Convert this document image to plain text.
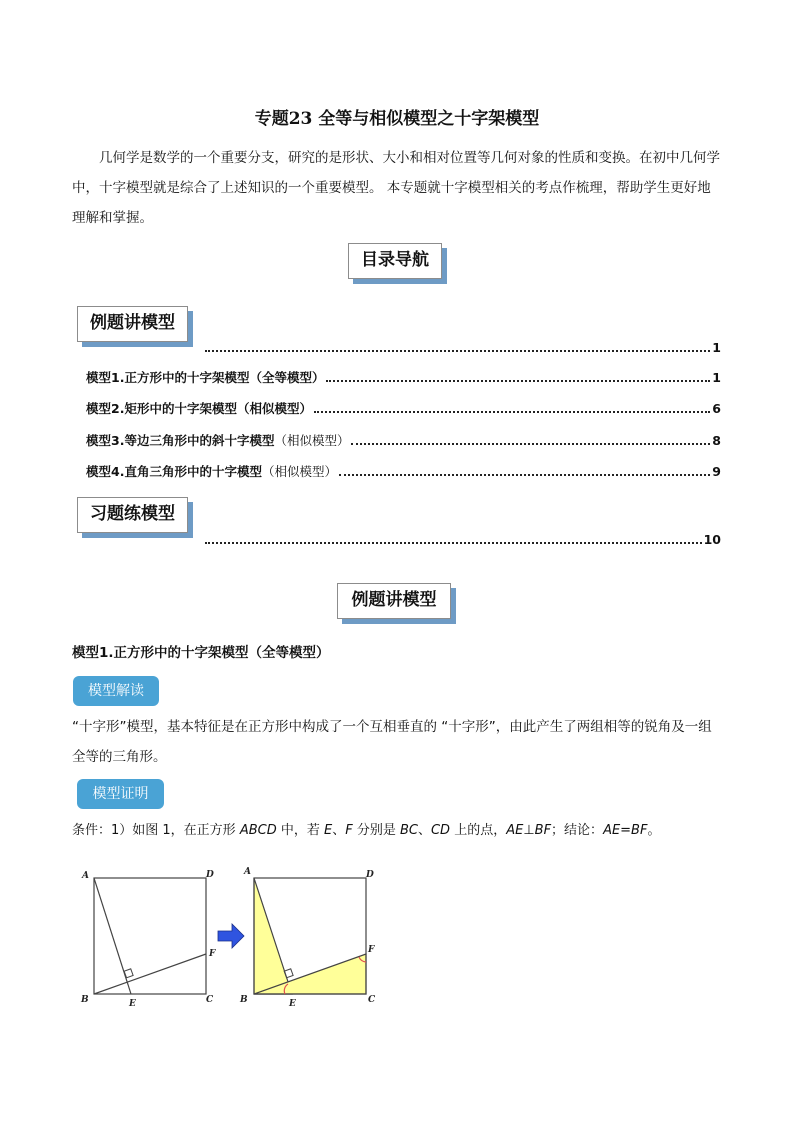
专题23 全等与相似模型之十字架模型

几何学是数学的一个重要分支，研究的是形状、大小和相对位置等几何对象的性质和变换。在初中几何学中，十字模型就是综合了上述知识的一个重要模型。 本专题就十字模型相关的考点作梳理，帮助学生更好地理解和掌握。

目录导航
例题讲模型
1
模型1.正方形中的十字架模型（全等模型）	1
模型2.矩形中的十字架模型（相似模型）	6
模型3.等边三角形中的斜十字模型 （相似模型）	8
模型4.直角三角形中的十字模型 （相似模型）	9
习题练模型
10
例题讲模型
模型1.正方形中的十字架模型（全等模型）
模型解读

“十字形”模型，基本特征是在正方形中构成了一个互相垂直的 “十字形”，由此产生了两组相等的锐角及一组全等的三角形。

模型证明
条件：1）如图 1，在正方形 ABCD 中，若 E、F 分别是 BC、CD 上的点，AE⊥BF；结论：AE=BF。
A	D
B	C
E
F
A	D
B	C
E
F
